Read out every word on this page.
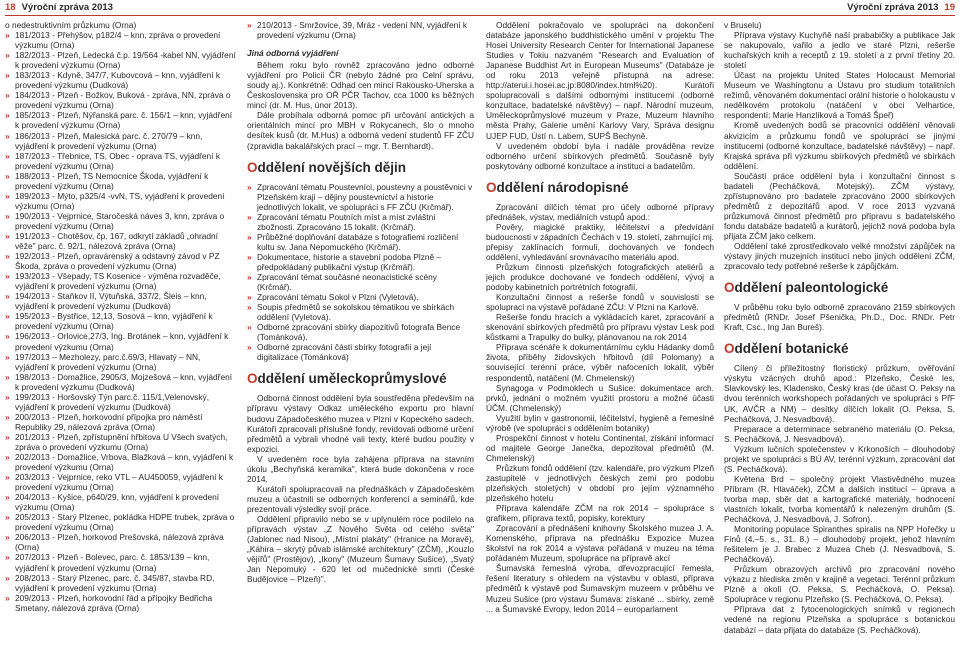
18 Výroční zpráva 2013	Výroční zpráva 2013 19

o nedestruktivním průzkumu (Orna)

» 181/2013 - Přehýšov, p182/4 – knn, zpráva o provedení výzkumu (Orna)

» 182/2013 - Plzeň, Ledecká č.p. 19/564 -kabel NN, vyjádření k provedení výzkumu (Orna)

» 183/2013 - Kdyně, 347/7, Kubovcová – knn, vyjádření k provedení výzkumu (Dudková)

» 184/2013 - Plzeň - Božkov, Buková - zpráva, NN, zpráva o provedení výzkumu (Orna)

» 185/2013 - Plzeň, Nýřanská parc. č. 156/1 – knn, vyjádření k provedení výzkumu (Orna)

» 186/2013 - Plzeň, Malesická parc. č. 270/79 – knn, vyjádření k provedení výzkumu (Orna)

» 187/2013 - Třebnice, TS, Obec - oprava TS, vyjádření k provedení výzkumu (Orna)

» 188/2013 - Plzeň, TS Nemocnice Škoda, vyjádření k provedení výzkumu (Orna)

» 189/2013 - Mýto, p325/4 -vvN, TS, vyjádření k provedení výzkumu (Orna)

» 190/2013 - Vejprnice, Staročeská náves 3, knn, zpráva o provedení výzkumu (Orna)

» 191/2013 - Chotěšov, čp. 167, odkrytí základů „ohradní věže" parc. č. 92/1, nálezová zpráva (Orna)

» 192/2013 - Plzeň, opravárenský a odstavný závod v PZ Škoda, zpráva o provedení výzkumu (Orna)

» 193/2013 - Všepady, TS Kosenice - výměna rozvaděče, vyjádření k provedení výzkumu (Orna)

» 194/2013 - Staňkov II, Výtuňská, 337/2, Šleis – knn, vyjádření k provedení výzkumu (Dudková)

» 195/2013 - Bystřice, 12,13, Sosová – knn, vyjádření k provedení výzkumu (Orna)

» 196/2013 - Orlovice,27/3, Ing. Brotánek – knn, vyjádření k provedení výzkumu (Orna)

» 197/2013 – Mezholezy, parc.č.69/3, Hlavatý – NN, vyjádření k provedení výzkumu (Orna)

» 198/2013 - Domažlice, 2905/3, Mojzešová – knn, vyjádření k provedení výzkumu (Dudková)

» 199/2013 - Horšovský Týn parc.č. 115/1,Velenovský, vyjádření k provedení výzkumu (Dudková)

» 200/2013 - Plzeň, horkovodní přípojka pro náměstí Republiky 29, nálezová zpráva (Orna)

» 201/2013 - Plzeň, zpřístupnění hřbitova U Všech svatých, zpráva o provedení výzkumu (Orna)

» 202/2013 - Domažlice, Vrbova, Blažková – knn, vyjádření k provedení výzkumu (Orna)

» 203/2013 - Vejprnice, reko VTL – AU450059, vyjádření k provedení výzkumu (Orna)

» 204/2013 - Kyšice, p640/29, knn, vyjádření k provedení výzkumu (Orna)

» 205/2013 - Starý Plzenec, pokládka HDPE trubek, zpráva o provedení výzkumu (Orna)

» 206/2013 - Plzeň, horkovod Prešovská, nálezová zpráva (Orna)

» 207/2013 - Plzeň - Bolevec, parc. č. 1853/139 – knn, vyjádření k provedení výzkumu (Orna)

» 208/2013 - Starý Plzenec, parc. č. 345/87, stavba RD, vyjádření k provedení výzkumu (Orna)

» 209/2013 - Plzeň, horkovodní řád a přípojky Bedřicha Smetany, nálezová zpráva (Orna)

» 210/2013 - Smržovice, 39, Mráz - vedení NN, vyjádření k provedení výzkumu (Orna)

Jiná odborná vyjádření

Během roku bylo rovněž zpracováno jedno odborné vyjádření pro Policii ČR (nebylo žádné pro Celní správu, soudy aj.). Konkrétně: Odhad cen mincí Rakousko-Uherska a Československa pro OŘ PČR Tachov, cca 1000 ks běžných mincí (dr. M. Hus, únor 2013).

Dále probíhala odborná pomoc při určování antických a orientálních mincí pro MBH v Rokycanech, šlo o mnoho desítek kusů (dr. M.Hus) a odborná vedení studentů FF ZČU (zpravidla bakalářských prací – mgr. T. Bernhardt).

Oddělení novějších dějin

» Zpracování tématu Poustevníci, poustevny a poustěvnici v Plzeňském kraji – dějiny poustevnictví a historie jednotlivých lokalit, ve spolupráci s FF ZČU (Krčmář).

» Zpracování tématu Poutních míst a míst zvláštní zbožnosti. Zpracováno 15 lokalit. (Krčmář).

» Průběžné doplňování databáze s fotografiemi rozličení kultu sv. Jana Nepomuckého (Krčmář).

» Dokumentace, historie a stavební podoba Plzně – předpokládaný publikační výstup (Krčmář).

» Zpracování témat součásné neonacistické scény (Krčmář).

» Zpracování tématu Sokol v Plzni (Vyletová).

» Soupis předmětů se sokolskou tématikou ve sbírkách oddělení (Vyletová).

» Odborné zpracování sbírky diapozitivů fotografa Bence (Tománková).

» Odborné zpracování části sbírky fotografií a její digitalizace (Tománková)

Oddělení uměleckoprůmyslové

Odborná činnost oddělení byla soustředěna především na přípravu výstavy Odkaz uměleckého exportu pro hlavní budovu Západočeského muzea v Plzni v Kopeckého sadech. Kurátoři zpracovali příslušné fondy, revidovali odborné určení předmětů a vybrali vhodné vali texty, které budou použity v expozici.

V uvedeném roce byla zahájena příprava na stavním úkolu „Bechyňská keramika", která bude dokončena v roce 2014.

Kurátoři spolupracovali na přednáškách v Západočeském muzeu a účastnili se odborných konferencí a seminářů, kde prezentovali výsledky svojí práce.

Oddělení připravilo nebo se v uplynulém roce podílelo na přípravách výstav „Z Nového Světa od celého světa" (Jablonec nad Nisou), „Místní plakáty" (Hranice na Moravě), „Káhira – skrytý půvab islámské architektury" (ZČM), „Kouzlo vějířů" (Prostějov), „Ikony" (Muzeum Šumavy Sušice), „Svatý Jan Nepomuký - 620 let od mučednické smrti (České Budějovice – Plzeň)".

Oddělení pokračovalo ve spolupráci na dokončení databáze japonského buddhistického umění v projektu The Hosei University Research Center for International Japanese Studies v Tokiu nazvaném "Research and Evaluation of Japanese Buddhist Art in European Museums" (Databáze je od roku 2013 veřejně přístupná na adrese: http://aterui.i.hosei.ac.jp:8080/index.html%20). Kurátoři spolupracovali s dalšími odbornými institucemi (odborné konzultace, badatelské návštěvy) – např. Národní muzeum, Uměleckoprůmyslové muzeum v Praze, Muzeum hlavního města Prahy, Galerie umění Karlovy Vary, Správa designu UJEP FUD, Ústí n. Labem, SUPŠ Bechyně.

V uvedeném období byla i nadále prováděna revize odborného určení sbírkových předmětů. Současně byly poskytovány odborné konzultace a instituci a badatelům.

Oddělení národopisné

Zpracování dílčích témat pro účely odborné přípravy přednášek, výstav, mediálních vstupů apod.:

Pověry, magické praktiky, léčitelství a předvídání budoucnosti v západních Čechách v 19. století, zahrnující mj. přepisy zaklínacích formulí, dochovaných ve fondech oddělení, vyhledávání srovnávacího materiálu apod.

Průzkum činnosti plzeňských fotografických ateliérů a jejich produkce dochované ve fondech oddělení, vývoj a podoby kabinetních portrétních fotografií.

Konzultační činnost a rešerše fondů v souvislosti se spoluprací na výstavě pořádané ZČU: V Plzni na Karlově.

Rešerše fondu hracích a vykládacích karet, zpracování a skenování sbírkových předmětů pro přípravu výstav Lesk pod kůstkami a Trapulky do bulky, plánovanou na rok 2014

Příprava scénáře k dokumentárnímu cyklu Hádanky domů života, příběhy židovských hřbitovů (díl Polomany) a související terénní práce, výběr nafoceních lokalit, výběr respondentů, natáčení (M. Chmelenský)

Synagoga v Podmoklech u Sušice: dokumentace arch. prvků, jednání o možném využití prostoru a možné účasti ÚČM. (Chmelenský)

Využití bylin v gastronomii, léčitelství, hygieně a řemeslné výrobě (ve spolupráci s oddělením botaniky)

Prospekční činnost v hotelu Continental, získání informací od majitele George Janečka, depozitoval předmětů (M. Chmelenský)

Průzkum fondů oddělení (tzv. kalendáře, pro výzkum Plzeň zastupitelé v jednotlivých českých zemí pro podobu plzeňských stoletých) v období pro jejím významného plzeňského hotelu

Příprava kalendáře ZČM na rok 2014 – spolupráce s grafikem, příprava textů, popisky, korektury

Zpracování a přednášení knihovny Školského muzea J. A. Komenského, příprava na přednášku Expozice Muzea školství na rok 2014 a výstava pořádaná v muzeu na téma pořádaném Muzeum, spolupráce na přípravě akcí

Šumavská řemeslná výroba, dřevozpracující řemesla, řešení literatury s ohledem na výstavbu v oblasti, příprava předmětů k výstavě pod Šumavským muzeem v průběhu ve Muzeu Sušice (pro výstavu Šumava: získané ... sbírky, země ... a Šumavské Evropy, ledon 2014 – europarlament

v Bruselu)

Příprava výstavy Kuchyňě naší prababičky a publikace Jak se nakupovalo, vařilo a jedlo ve staré Plzni, rešerše kuchařských knih a receptů z 19. století a z první třetiny 20. století

Účast na projektu United States Holocaust Memorial Museum ve Washingtonu a Ústavu pro studium totalitních režimů, věnovaném dokumentaci orální historie o holokaustu v nedělkovém protokolu (natáčení v obci Velhartice, respondentí: Marie Hanzlíková a Tomáš Špeř)

Kromě uvedených bodů se pracovníci oddělení věnovali akvizicím a průzkumu fondů ve spolupráci se jinými institucemi (odborné konzultace, badatelské návštěvy) – např. Krajská správa při výzkumu sbírkových předmětů ve sbírkách oddělení.

Součástí práce oddělení byla i konzultační činnost s badateli (Pecháčková, Motejský). ZČM výstavy, zpřístupnováno pro badatele zpracováno 2000 sbírkových předmětů z depozitářů apod. V roce 2013 vyzvaná průzkumová činnost předmětů pro přípravu s badatelského fondu databáze badatelů a kurátorů, jejichž nová podoba byla přijata ZČM jako celkem.

Oddělení také zprostředkovalo velké množství zápůjček na výstavy jiných muzejních institucí nebo jiných oddělení ZČM, zpracovalo tedy potřebné rešerše k zápůjčkám.

Oddělení paleontologické

V průběhu roku bylo odborně zpracováno 2159 sbírkových předmětů (RNDr. Josef Pšenička, Ph.D., Doc. RNDr. Petr Kraft, Csc., Ing Jan Bureš).

Oddělení botanické

Cílený či příležitostný floristický průzkum, ověřování výskytu vzácných druhů apod.: Plzeňsko, České les, Slavkovský les, Kladensko, Český kras (de účast O. Peksy na dvou terénních workshopech pořádaných ve spolupráci s PřF UK, AVČR a NM) – desítky dílčích lokalit (O. Peksa, S. Pecháčková, J. Nesvadbová).

Preparace a determinace sebraného materiálu (O. Peksa, S. Pecháčková, J. Nesvadbová).

Výzkum lučních společenstev v Krkonoších – dlouhodobý projekt ve spolupráci s BÚ AV, terénní výzkum, zpracování dat (S. Pecháčková).

Květena Brd – společný projekt Vlastivědného muzea Příbram (R. Hlaváček), ZČM a dalších institucí – úprava a tvorba map, sběr dat a kartografické materiály, hodnocení vlastních lokalit, tvorba komentářů k nalezeným druhům (S. Pecháčková, J. Nesvadbová, J. Sofron).

Monitoring populace Spiranthes spiralis na NPP Hořečky u Fínů (4.–5. s., 31. 8.) – dlouhodobý projekt, jehož hlavním řešitelem je J. Brabec z Muzea Cheb (J. Nesvadbová, S. Pecháčková).

Průzkum obrazových archivů pro zpracování nového výkazu z hlediska změn v krajině a vegetaci. Terénní průzkum Plzně a okolí (O. Peksa, S. Pecháčková, O. Peksa). Spolupráce v regionu Plzeňsko (S. Pecháčková, O. Peksa).

Příprava dat z fytocenologických snímků v regionech vedené na regionu Plzeňska a spolupráce s botanickou databází – data přijata do databáze (S. Pecháčková).
